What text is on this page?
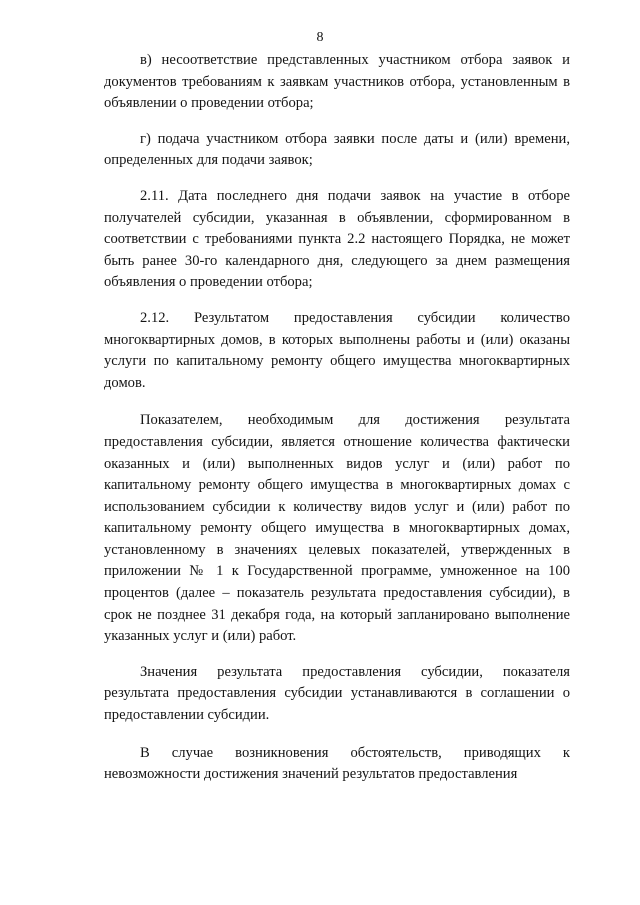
8

в) несоответствие представленных участником отбора заявок и документов требованиям к заявкам участников отбора, установленным в объявлении о проведении отбора;

г) подача участником отбора заявки после даты и (или) времени, определенных для подачи заявок;

2.11. Дата последнего дня подачи заявок на участие в отборе получателей субсидии, указанная в объявлении, сформированном в соответствии с требованиями пункта 2.2 настоящего Порядка, не может быть ранее 30-го календарного дня, следующего за днем размещения объявления о проведении отбора;

2.12. Результатом предоставления субсидии количество многоквартирных домов, в которых выполнены работы и (или) оказаны услуги по капитальному ремонту общего имущества многоквартирных домов.

Показателем, необходимым для достижения результата предоставления субсидии, является отношение количества фактически оказанных и (или) выполненных видов услуг и (или) работ по капитальному ремонту общего имущества в многоквартирных домах с использованием субсидии к количеству видов услуг и (или) работ по капитальному ремонту общего имущества в многоквартирных домах, установленному в значениях целевых показателей, утвержденных в приложении № 1 к Государственной программе, умноженное на 100 процентов (далее – показатель результата предоставления субсидии), в срок не позднее 31 декабря года, на который запланировано выполнение указанных услуг и (или) работ.

Значения результата предоставления субсидии, показателя результата предоставления субсидии устанавливаются в соглашении о предоставлении субсидии.

В случае возникновения обстоятельств, приводящих к невозможности достижения значений результатов предоставления
